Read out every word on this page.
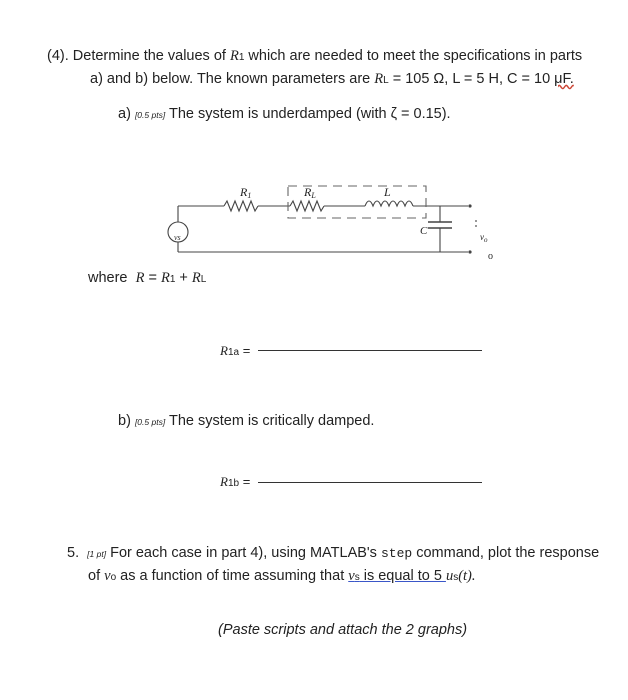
(4). Determine the values of R1 which are needed to meet the specifications in parts
a) and b) below. The known parameters are RL = 105 Ω, L = 5 H, C = 10 μF.
a) [0.5 pts] The system is underdamped (with ζ = 0.15).
vs
R1	RL	L
C	$v_o$
o
where R = R1 + RL
R1a =
b) [0.5 pts] The system is critically damped.
R1b =
5. [1 pt] For each case in part 4), using MATLAB's step command, plot the response
of vo as a function of time assuming that vs is equal to 5 us(t).
(Paste scripts and attach the 2 graphs)
